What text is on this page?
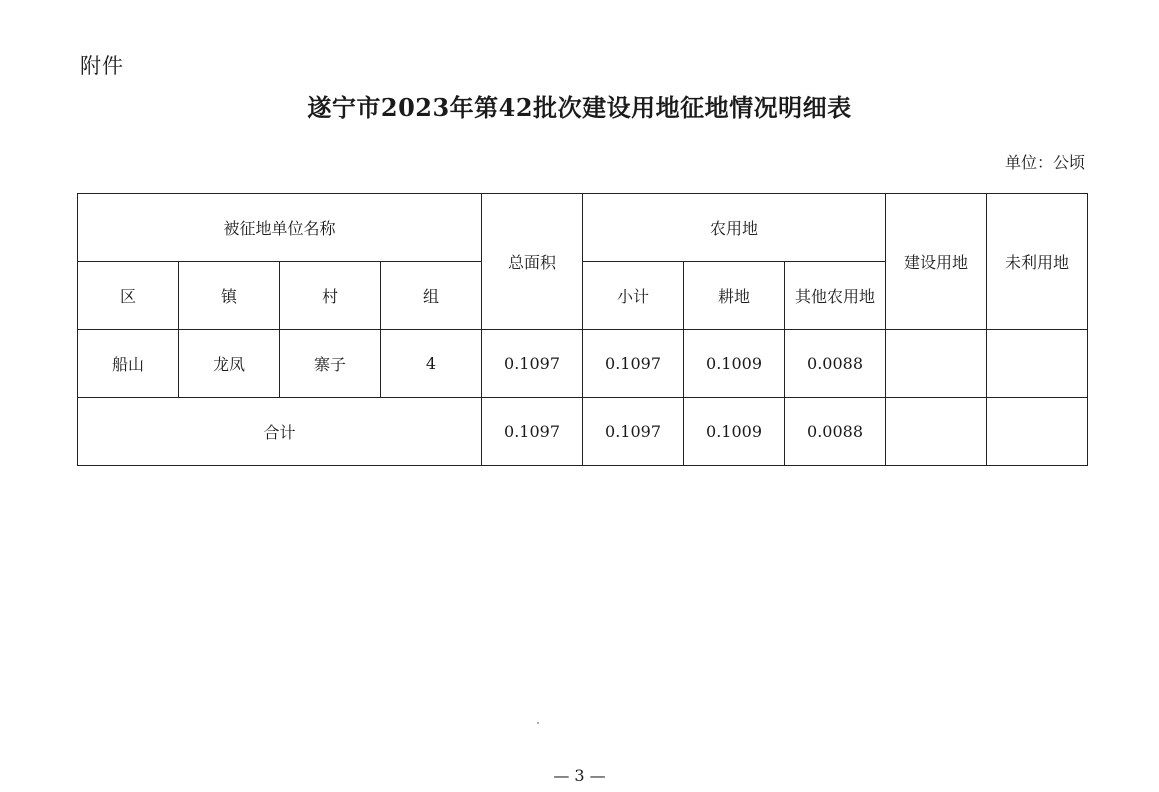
附件
遂宁市2023年第42批次建设用地征地情况明细表
单位：公顷
被征地单位名称				总面积	农用地			建设用地	未利用地
区	镇	村	组		小计	耕地	其他农用地		
船山	龙凤	寨子	4	0.1097	0.1097	0.1009	0.0088		
合计				0.1097	0.1097	0.1009	0.0088		
— 3 —
